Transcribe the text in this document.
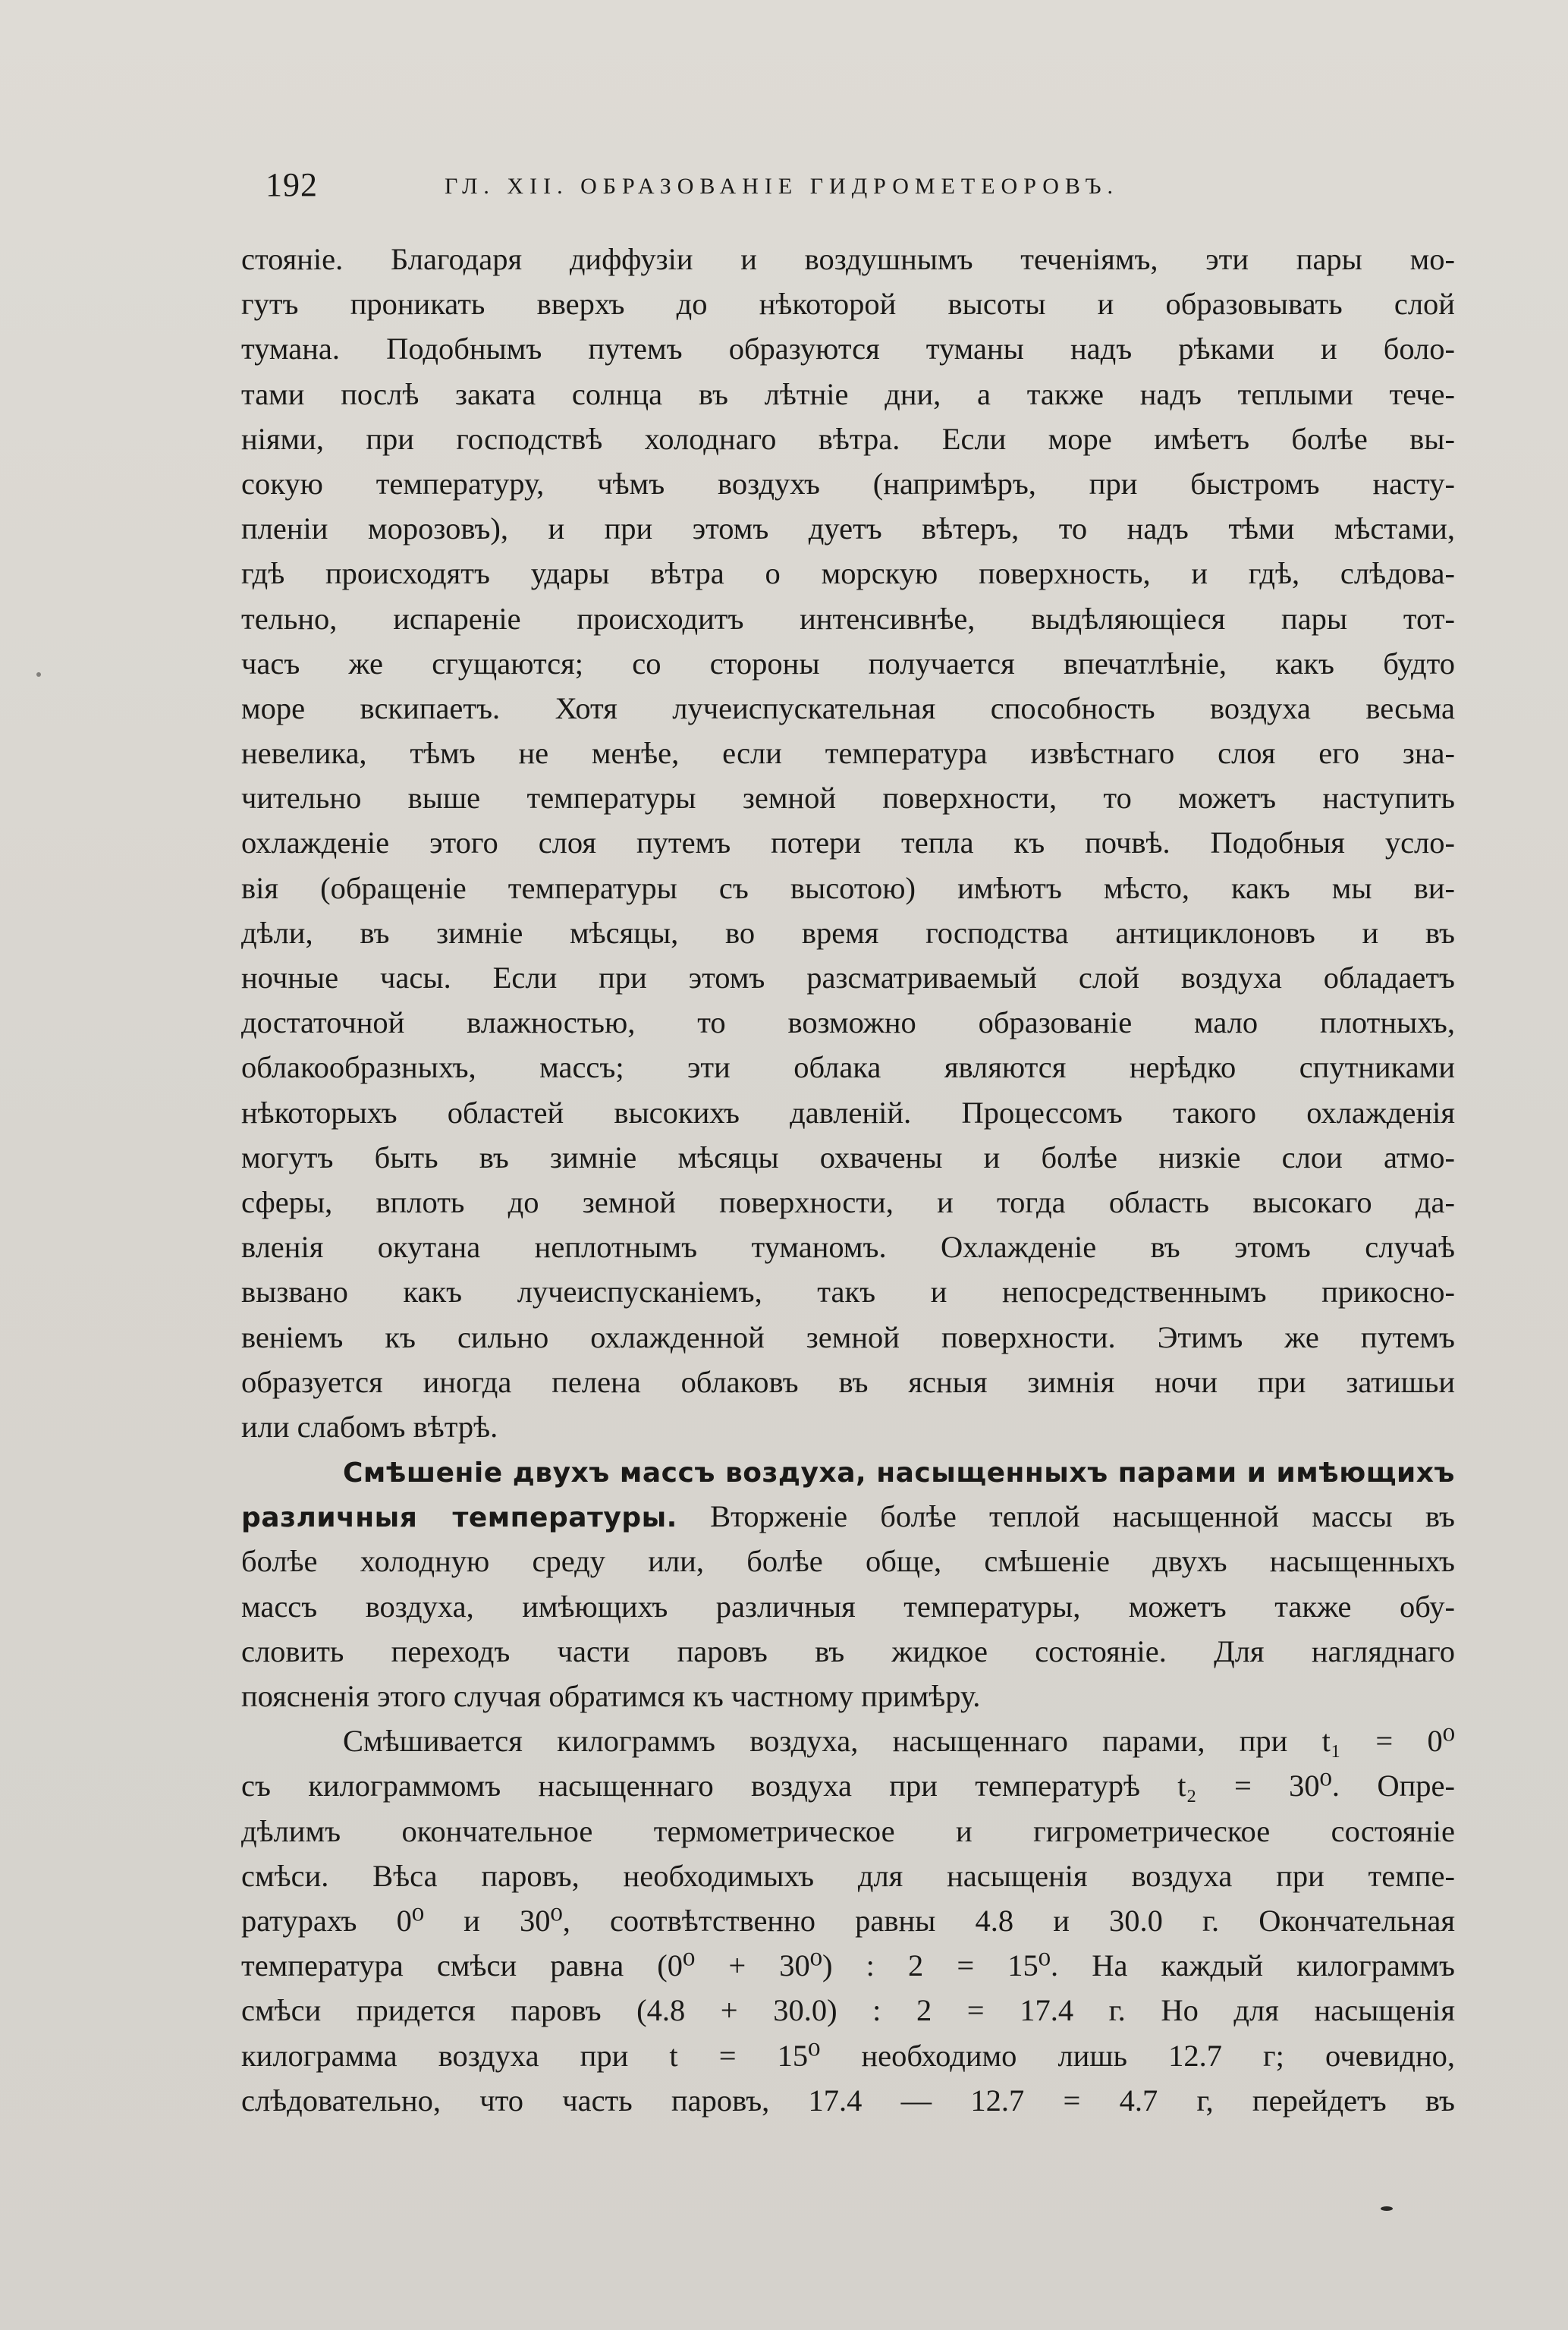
192	ГЛ. XII. ОБРАЗОВАНІЕ ГИДРОМЕТЕОРОВЪ.
стояніе. Благодаря диффузіи и воздушнымъ теченіямъ, эти пары мо-
гутъ проникать вверхъ до нѣкоторой высоты и образовывать слой
тумана. Подобнымъ путемъ образуются туманы надъ рѣками и боло-
тами послѣ заката солнца въ лѣтніе дни, а также надъ теплыми тече-
ніями, при господствѣ холоднаго вѣтра. Если море имѣетъ болѣе вы-
сокую температуру, чѣмъ воздухъ (напримѣръ, при быстромъ насту-
пленіи морозовъ), и при этомъ дуетъ вѣтеръ, то надъ тѣми мѣстами,
гдѣ происходятъ удары вѣтра о морскую поверхность, и гдѣ, слѣдова-
тельно, испареніе происходитъ интенсивнѣе, выдѣляющіеся пары тот-
часъ же сгущаются; со стороны получается впечатлѣніе, какъ будто
море вскипаетъ. Хотя лучеиспускательная способность воздуха весьма
невелика, тѣмъ не менѣе, если температура извѣстнаго слоя его зна-
чительно выше температуры земной поверхности, то можетъ наступить
охлажденіе этого слоя путемъ потери тепла къ почвѣ. Подобныя усло-
вія (обращеніе температуры съ высотою) имѣютъ мѣсто, какъ мы ви-
дѣли, въ зимніе мѣсяцы, во время господства антициклоновъ и въ
ночные часы. Если при этомъ разсматриваемый слой воздуха обладаетъ
достаточной влажностью, то возможно образованіе мало плотныхъ,
облакообразныхъ, массъ; эти облака являются нерѣдко спутниками
нѣкоторыхъ областей высокихъ давленій. Процессомъ такого охлажденія
могутъ быть въ зимніе мѣсяцы охвачены и болѣе низкіе слои атмо-
сферы, вплоть до земной поверхности, и тогда область высокаго да-
вленія окутана неплотнымъ туманомъ. Охлажденіе въ этомъ случаѣ
вызвано какъ лучеиспусканіемъ, такъ и непосредственнымъ прикосно-
веніемъ къ сильно охлажденной земной поверхности. Этимъ же путемъ
образуется иногда пелена облаковъ въ ясныя зимнія ночи при затишьи
или слабомъ вѣтрѣ.
Смѣшеніе двухъ массъ воздуха, насыщенныхъ парами и имѣющихъ
различныя температуры. Вторженіе болѣе теплой насыщенной массы въ
болѣе холодную среду или, болѣе обще, смѣшеніе двухъ насыщенныхъ
массъ воздуха, имѣющихъ различныя температуры, можетъ также обу-
словить переходъ части паровъ въ жидкое состояніе. Для нагляднаго
поясненія этого случая обратимся къ частному примѣру.
Смѣшивается килограммъ воздуха, насыщеннаго парами, при t₁ = 0⁰
съ килограммомъ насыщеннаго воздуха при температурѣ t₂ = 30⁰. Опре-
дѣлимъ окончательное термометрическое и гигрометрическое состояніе
смѣси. Вѣса паровъ, необходимыхъ для насыщенія воздуха при темпе-
ратурахъ 0⁰ и 30⁰, соотвѣтственно равны 4.8 и 30.0 г. Окончательная
температура смѣси равна (0⁰ + 30⁰) : 2 = 15⁰. На каждый килограммъ
смѣси придется паровъ (4.8 + 30.0) : 2 = 17.4 г. Но для насыщенія
килограмма воздуха при t = 15⁰ необходимо лишь 12.7 г; очевидно,
слѣдовательно, что часть паровъ, 17.4 — 12.7 = 4.7 г, перейдетъ въ
